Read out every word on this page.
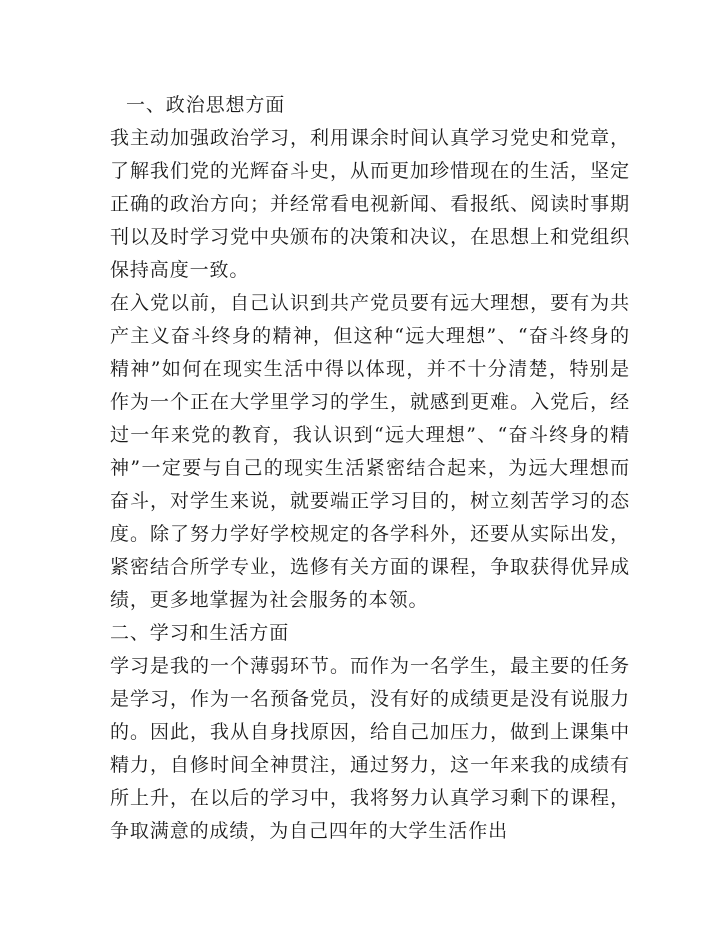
一、政治思想方面

我主动加强政治学习，利用课余时间认真学习党史和党章，了解我们党的光辉奋斗史，从而更加珍惜现在的生活，坚定正确的政治方向；并经常看电视新闻、看报纸、阅读时事期刊以及时学习党中央颁布的决策和决议，在思想上和党组织保持高度一致。

在入党以前，自己认识到共产党员要有远大理想，要有为共产主义奋斗终身的精神，但这种“远大理想”、“奋斗终身的精神”如何在现实生活中得以体现，并不十分清楚，特别是作为一个正在大学里学习的学生，就感到更难。入党后，经过一年来党的教育，我认识到“远大理想”、“奋斗终身的精神”一定要与自己的现实生活紧密结合起来，为远大理想而奋斗，对学生来说，就要端正学习目的，树立刻苦学习的态度。除了努力学好学校规定的各学科外，还要从实际出发，紧密结合所学专业，选修有关方面的课程，争取获得优异成绩，更多地掌握为社会服务的本领。

二、学习和生活方面

学习是我的一个薄弱环节。而作为一名学生，最主要的任务是学习，作为一名预备党员，没有好的成绩更是没有说服力的。因此，我从自身找原因，给自己加压力，做到上课集中精力，自修时间全神贯注，通过努力，这一年来我的成绩有所上升，在以后的学习中，我将努力认真学习剩下的课程，争取满意的成绩，为自己四年的大学生活作出
